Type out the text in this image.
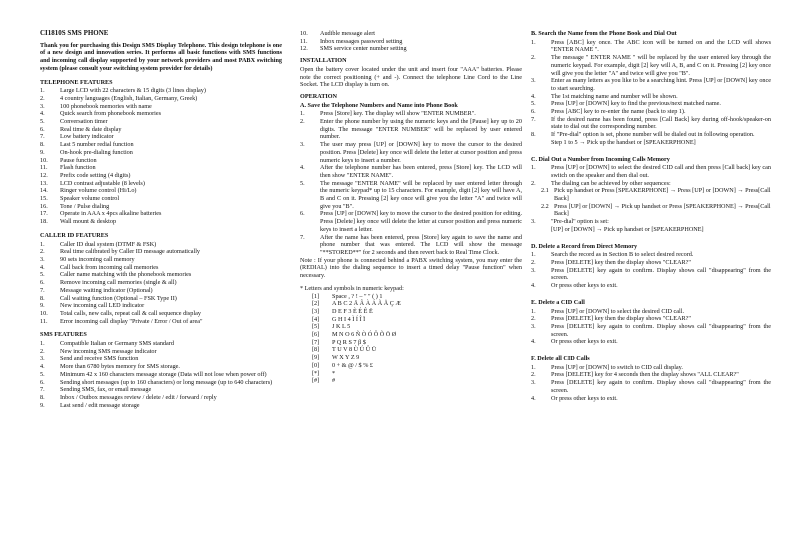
CI1810S SMS PHONE
Thank you for purchasing this Design SMS Display Telephone. This design telephone is one of a new design and innovation series. It performs all basic functions with SMS functions and incoming call display supported by your network providers and most PABX switching system (please consult your switching system provider for details)
TELEPHONE FEATURES
1.	Large LCD with 22 characters & 15 digits (3 lines display)
2.	4 country languages (English, Italian, Germany, Greek)
3.	100 phonebook memories with name
4.	Quick search from phonebook memories
5.	Conversation timer
6.	Real time & date display
7.	Low battery indicator
8.	Last 5 number redial function
9.	On-hook pre-dialing function
10.	Pause function
11.	Flash function
12.	Prefix code setting (4 digits)
13.	LCD contrast adjustable (8 levels)
14.	Ringer volume control (Hi/Lo)
15.	Speaker volume control
16.	Tone / Pulse dialing
17.	Operate in AAA x 4pcs alkaline batteries
18.	Wall mount & desktop
CALLER ID FEATURES
1.	Caller ID dual system (DTMF & FSK)
2.	Real time calibrated by Caller ID message automatically
3.	90 sets incoming call memory
4.	Call back from incoming call memories
5.	Caller name matching with the phonebook memories
6.	Remove incoming call memories (single & all)
7.	Message waiting indicator (Optional)
8.	Call waiting function (Optional – FSK Type II)
9.	New incoming call LED indicator
10.	Total calls, new calls, repeat call & call sequence display
11.	Error incoming call display "Private / Error / Out of area"
SMS FEATURES
1.	Compatible Italian or Germany SMS standard
2.	New incoming SMS message indicator
3.	Send and receive SMS function
4.	More than 6780 bytes memory for SMS storage.
5.	Minimum 42 x 160 characters message storage (Data will not lose when power off)
6.	Sending short messages (up to 160 characters) or long message (up to 640 characters)
7.	Sending SMS, fax, or email message
8.	Inbox / Outbox messages review / delete / edit / forward / reply
9.	Last send / edit message storage
10.	Audible message alert
11.	Inbox messages password setting
12.	SMS service center number setting
INSTALLATION
Open the battery cover located under the unit and insert four "AAA" batteries. Please note the correct positioning (+ and -). Connect the telephone Line Cord to the Line Socket. The LCD display is turn on.
OPERATION
A. Save the Telephone Numbers and Name into Phone Book
1.	Press [Store] key. The display will show "ENTER NUMBER".
2.	Enter the phone number by using the numeric keys and the [Pause] key up to 20 digits. The message "ENTER NUMBER" will be replaced by user entered number.
3.	The user may press [UP] or [DOWN] key to move the cursor to the desired position. Press [Delete] key once will delete the letter at cursor position and press numeric keys to insert a number.
4.	After the telephone number has been entered, press [Store] key. The LCD will then show "ENTER NAME".
5.	The message "ENTER NAME" will be replaced by user entered letter through the numeric keypad* up to 15 characters. For example, digit [2] key will have A, B and C on it. Pressing [2] key once will give you the letter "A" and twice will give you "B".
6.	Press [UP] or [DOWN] key to move the cursor to the desired position for editing. Press [Delete] key once will delete the letter at cursor position and press numeric keys to insert a letter.
7.	After the name has been entered, press [Store] key again to save the name and phone number that was entered. The LCD will show the message "**STORED**" for 2 seconds and then revert back to Real Time Clock.
Note : If your phone is connected behind a PABX switching system, you may enter the (REDIAL) into the dialing sequence to insert a timed delay "Pause function" when necessary.
* Letters and symbols in numeric keypad:
[1]	Space , ? ! – " " ( ) 1
[2]	A B C 2 Ä Â À Á Ã Å Ç Æ
[3]	D E F 3 È É Ê Ë
[4]	G H I 4 Ì Í Î Ï
[5]	J K L 5
[6]	M N O 6 Ñ Ò Ó Ô Õ Ö Ø
[7]	P Q R S 7 β $
[8]	T U V 8 Ù Ú Û Ü
[9]	W X Y Z 9
[0]	0 + & @ / $ % £
[*]	*
[#]	#
B. Search the Name from the Phone Book and Dial Out
1.	Press [ABC] key once. The ABC icon will be turned on and the LCD will shows "ENTER NAME ".
2.	The message " ENTER NAME " will be replaced by the user entered key through the numeric keypad. For example, digit [2] key will A, B, and C on it. Pressing [2] key once will give you the letter "A" and twice will give you "B".
3.	Enter as many letters as you like to be a searching hint. Press [UP] or [DOWN] key once to start searching.
4.	The 1st matching name and number will be shown.
5.	Press [UP] or [DOWN] key to find the previous/next matched name.
6.	Press [ABC] key to re-enter the name (back to step 1).
7.	If the desired name has been found, press [Call Back] key during off-hook/speaker-on state to dial out the corresponding number.
8.	If "Pre-dial" option is set, phone number will be dialed out in following operation.
Step 1 to 5 → Pick up the handset or [SPEAKERPHONE]
C. Dial Out a Number from Incoming Calls Memory
1.	Press [UP] or [DOWN] to select the desired CID call and then press [Call back] key can switch on the speaker and then dial out.
2.	The dialing can be achieved by other sequences:
2.1 Pick up handset or Press [SPEAKERPHONE] → Press [UP] or [DOWN] → Press[Call Back]
2.2 Press [UP] or [DOWN] → Pick up handset or Press [SPEAKERPHONE] → Press[Call Back]
3.	"Pre-dial" option is set:
[UP] or [DOWN] → Pick up handset or [SPEAKERPHONE]
D. Delete a Record from Direct Memory
1.	Search the record as in Section B to select desired record.
2.	Press [DELETE] key then the display shows "CLEAR?"
3.	Press [DELETE] key again to confirm. Display shows call "disappearing" from the screen.
4.	Or press other keys to exit.
E. Delete a CID Call
1.	Press [UP] or [DOWN] to select the desired CID call.
2.	Press [DELETE] key then the display shows "CLEAR?"
3.	Press [DELETE] key again to confirm. Display shows call "disappearing" from the screen.
4.	Or press other keys to exit.
F. Delete all CID Calls
1.	Press [UP] or [DOWN] to switch to CID call display.
2.	Press [DELETE] key for 4 seconds then the display shows "ALL CLEAR?"
3.	Press [DELETE] key again to confirm. Display shows call "disappearing" from the screen.
4.	Or press other keys to exit.
